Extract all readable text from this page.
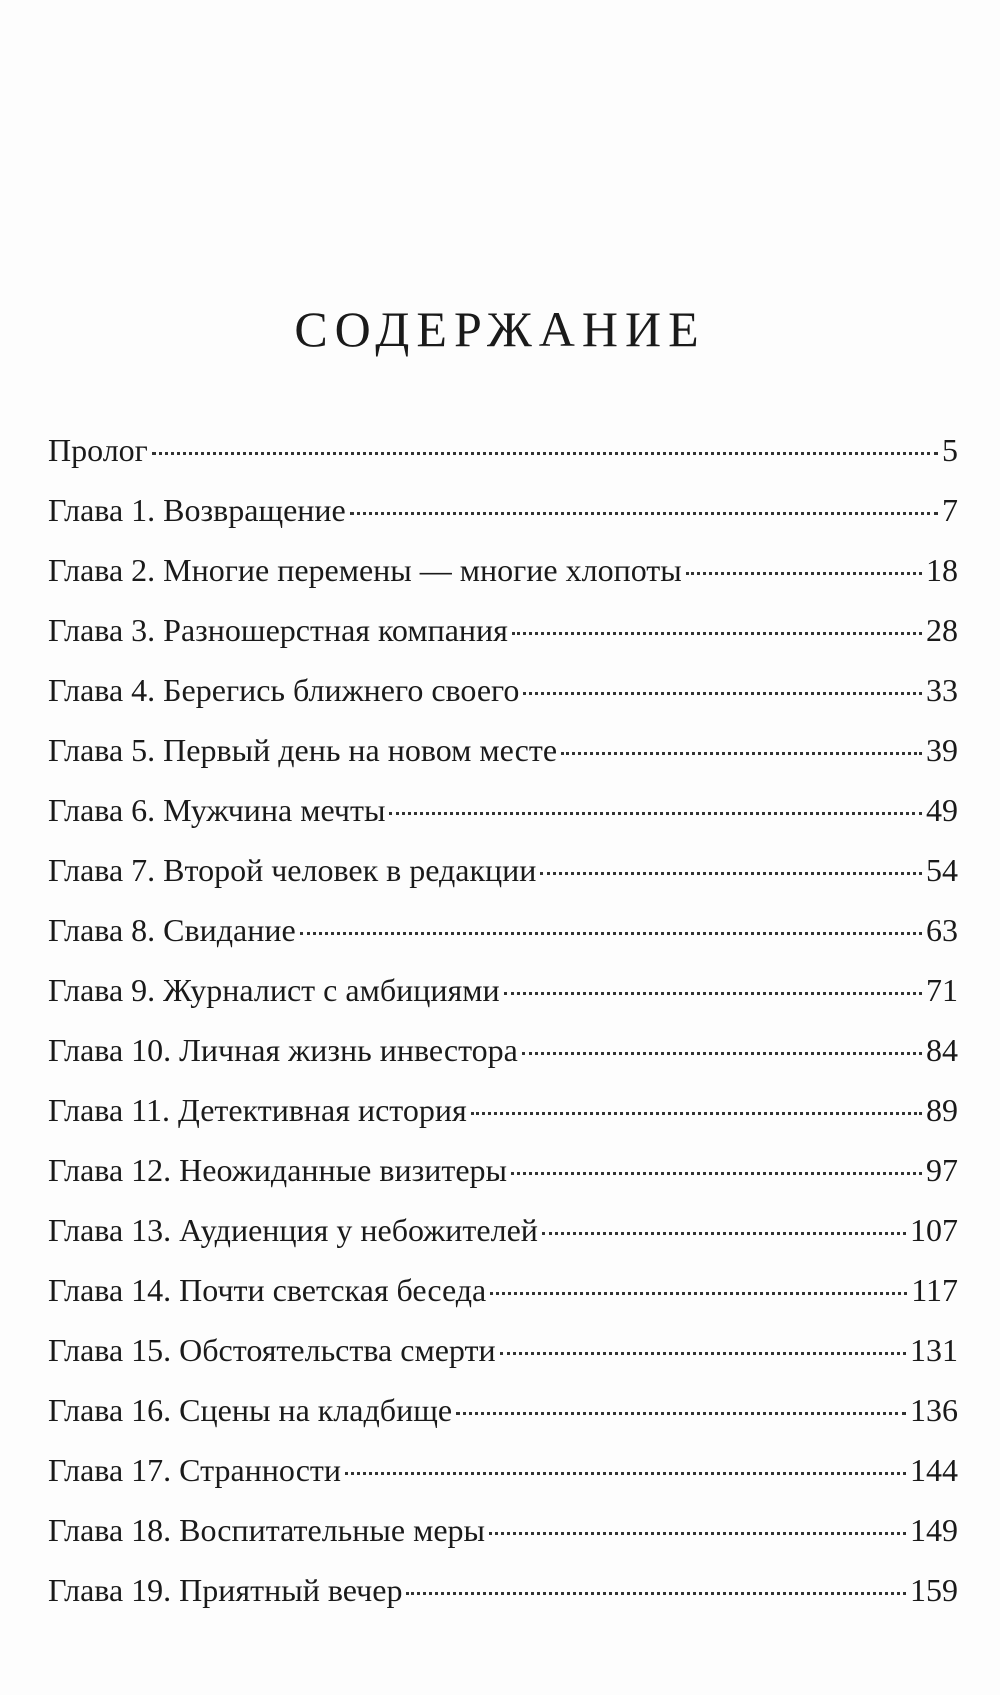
СОДЕРЖАНИЕ
Пролог	5
Глава 1. Возвращение	7
Глава 2. Многие перемены — многие хлопоты	18
Глава 3. Разношерстная компания	28
Глава 4. Берегись ближнего своего	33
Глава 5. Первый день на новом месте	39
Глава 6. Мужчина мечты	49
Глава 7. Второй человек в редакции	54
Глава 8. Свидание	63
Глава 9. Журналист с амбициями	71
Глава 10. Личная жизнь инвестора	84
Глава 11. Детективная история	89
Глава 12. Неожиданные визитеры	97
Глава 13. Аудиенция у небожителей	107
Глава 14. Почти светская беседа	117
Глава 15. Обстоятельства смерти	131
Глава 16. Сцены на кладбище	136
Глава 17. Странности	144
Глава 18. Воспитательные меры	149
Глава 19. Приятный вечер	159
